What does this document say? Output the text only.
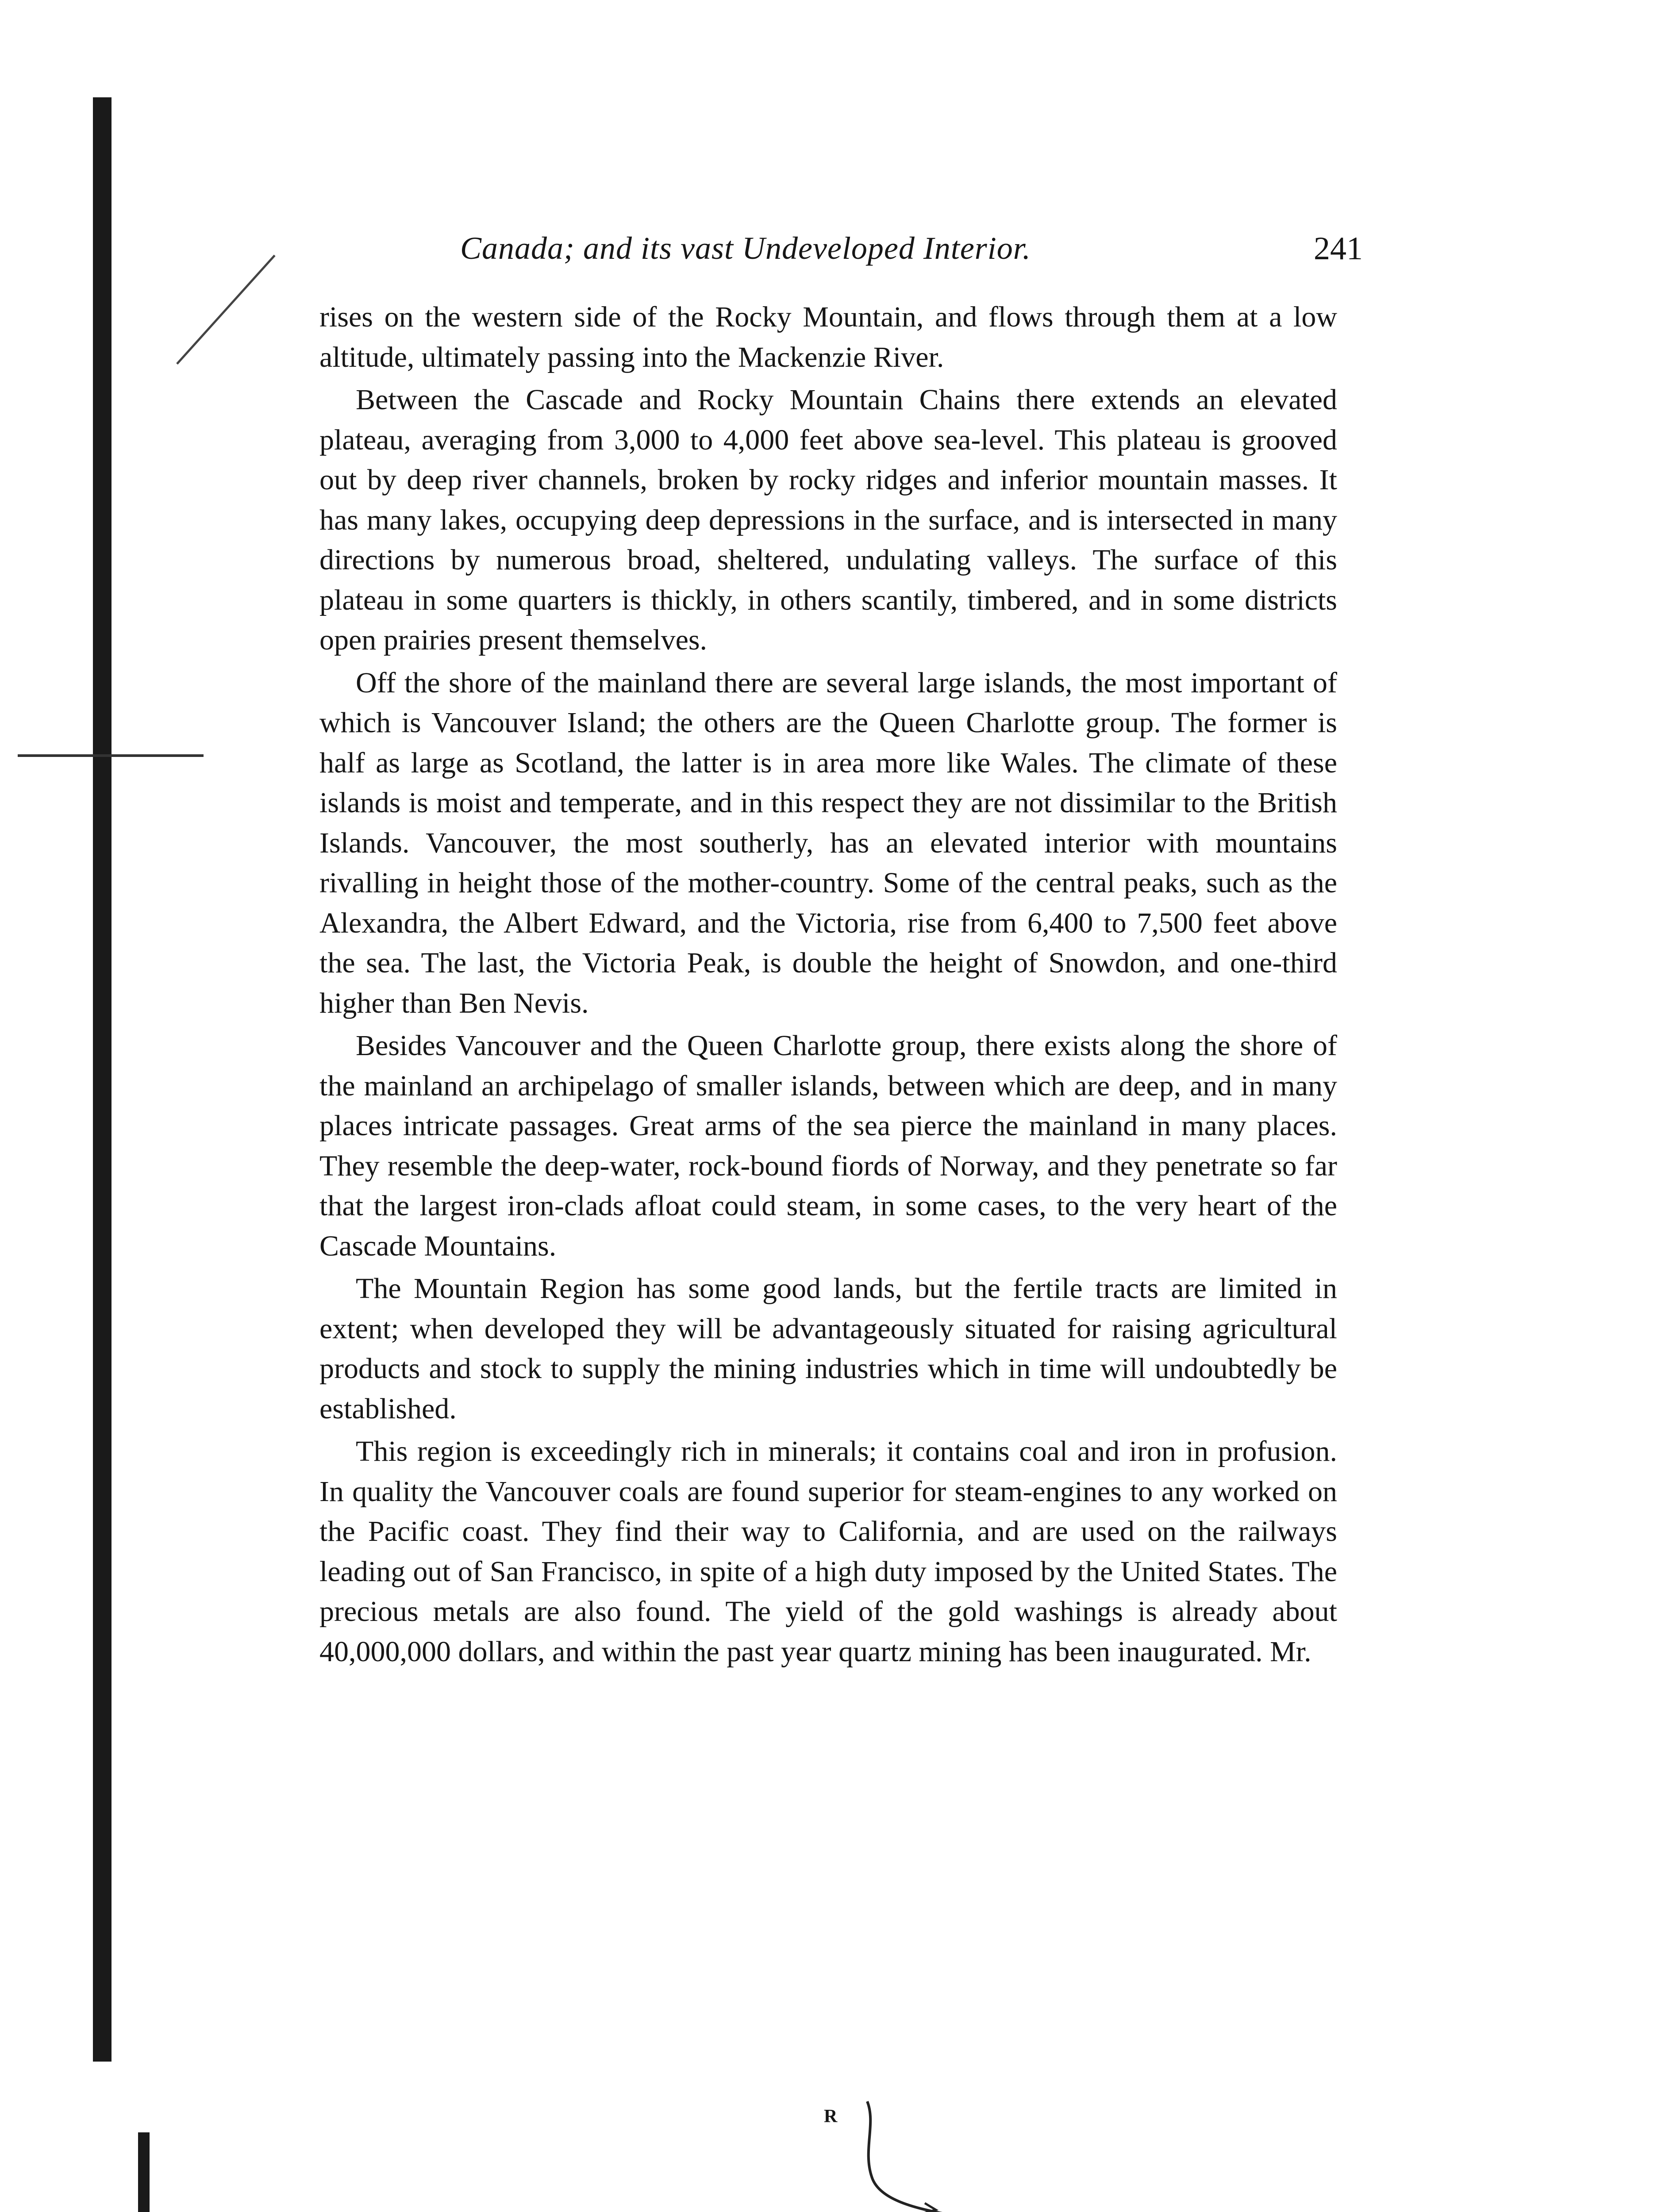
Canada; and its vast Undeveloped Interior.	241

rises on the western side of the Rocky Mountain, and flows through them at a low altitude, ultimately passing into the Mackenzie River.

Between the Cascade and Rocky Mountain Chains there extends an elevated plateau, averaging from 3,000 to 4,000 feet above sea-level. This plateau is grooved out by deep river channels, broken by rocky ridges and inferior mountain masses. It has many lakes, occupying deep depressions in the surface, and is intersected in many directions by numerous broad, sheltered, undulating valleys. The surface of this plateau in some quarters is thickly, in others scantily, timbered, and in some districts open prairies present themselves.

Off the shore of the mainland there are several large islands, the most important of which is Vancouver Island; the others are the Queen Charlotte group. The former is half as large as Scotland, the latter is in area more like Wales. The climate of these islands is moist and temperate, and in this respect they are not dissimilar to the British Islands. Vancouver, the most southerly, has an elevated interior with mountains rivalling in height those of the mother-country. Some of the central peaks, such as the Alexandra, the Albert Edward, and the Victoria, rise from 6,400 to 7,500 feet above the sea. The last, the Victoria Peak, is double the height of Snowdon, and one-third higher than Ben Nevis.

Besides Vancouver and the Queen Charlotte group, there exists along the shore of the mainland an archipelago of smaller islands, between which are deep, and in many places intricate passages. Great arms of the sea pierce the mainland in many places. They resemble the deep-water, rock-bound fiords of Norway, and they penetrate so far that the largest iron-clads afloat could steam, in some cases, to the very heart of the Cascade Mountains.

The Mountain Region has some good lands, but the fertile tracts are limited in extent; when developed they will be advantageously situated for raising agricultural products and stock to supply the mining industries which in time will undoubtedly be established.

This region is exceedingly rich in minerals; it contains coal and iron in profusion. In quality the Vancouver coals are found superior for steam-engines to any worked on the Pacific coast. They find their way to California, and are used on the railways leading out of San Francisco, in spite of a high duty imposed by the United States. The precious metals are also found. The yield of the gold washings is already about 40,000,000 dollars, and within the past year quartz mining has been inaugurated. Mr.

R
